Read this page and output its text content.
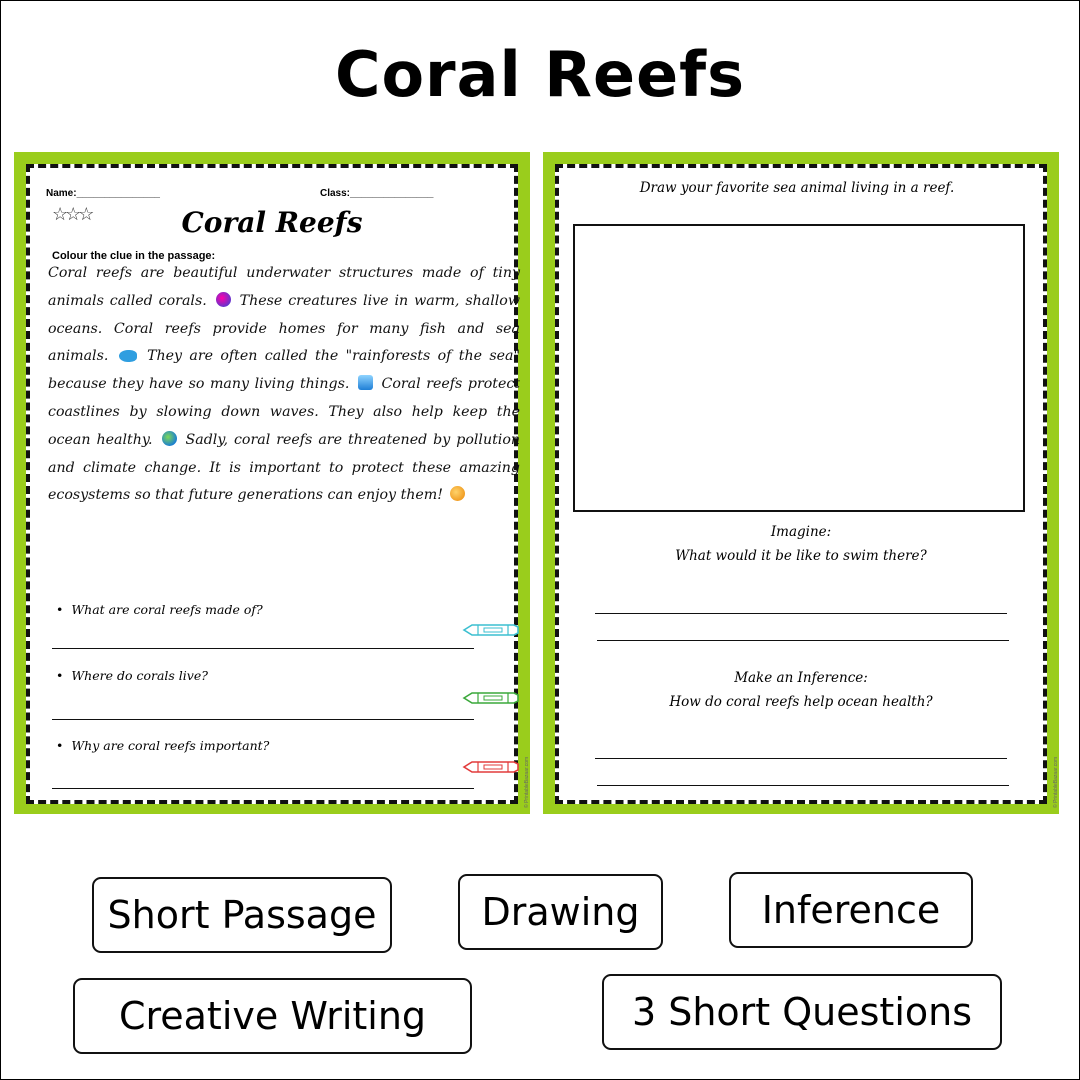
Coral Reefs
Name:_______________	Class:_______________
☆☆☆	Coral Reefs
Colour the clue in the passage:
Coral reefs are beautiful underwater structures made of tiny animals called corals. These creatures live in warm, shallow oceans. Coral reefs provide homes for many fish and sea animals.	They are often called the "rainforests of the sea" because they have so many living things. Coral reefs protect coastlines by slowing down waves. They also help keep the ocean healthy. Sadly, coral reefs are threatened by pollution and climate change. It is important to protect these amazing ecosystems so that future generations can enjoy them!
•  What are coral reefs made of?
•  Where do corals live?
•  Why are coral reefs important?
© PrintableBazaar.com
Draw your favorite sea animal living in a reef.
Imagine:
What would it be like to swim there?
Make an Inference:
How do coral reefs help ocean health?
© PrintableBazaar.com
Short Passage	Drawing	Inference
Creative Writing	3 Short Questions
